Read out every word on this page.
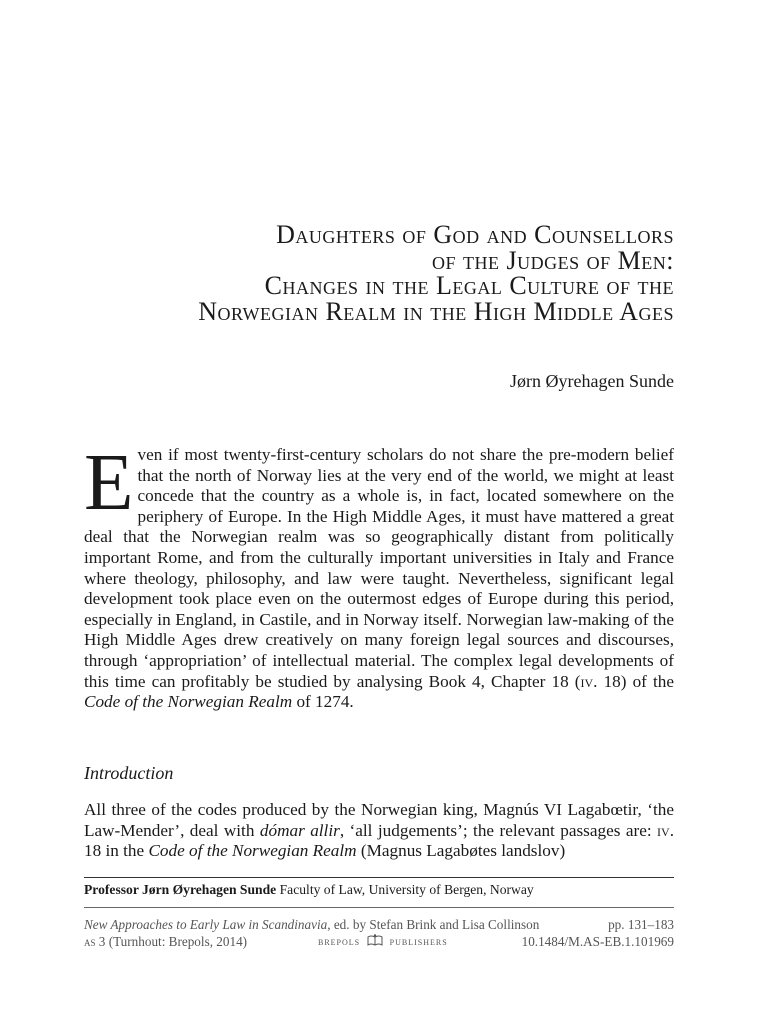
Daughters of God and Counsellors
of the Judges of Men:
Changes in the Legal Culture of the
Norwegian Realm in the High Middle Ages
Jørn Øyrehagen Sunde
Even if most twenty-first-century scholars do not share the pre-modern belief that the north of Norway lies at the very end of the world, we might at least concede that the country as a whole is, in fact, located somewhere on the periphery of Europe. In the High Middle Ages, it must have mattered a great deal that the Norwegian realm was so geographically distant from politically important Rome, and from the culturally important universities in Italy and France where theology, philosophy, and law were taught. Nevertheless, significant legal development took place even on the outermost edges of Europe during this period, especially in England, in Castile, and in Norway itself. Norwegian law-making of the High Middle Ages drew creatively on many foreign legal sources and discourses, through ‘appropriation’ of intellectual material. The complex legal developments of this time can profitably be studied by analysing Book 4, Chapter 18 (iv. 18) of the Code of the Norwegian Realm of 1274.
Introduction
All three of the codes produced by the Norwegian king, Magnús VI Lagabœtir, ‘the Law-Mender’, deal with dómar allir, ‘all judgements’; the relevant passages are: iv. 18 in the Code of the Norwegian Realm (Magnus Lagabøtes landslov)
Professor Jørn Øyrehagen Sunde Faculty of Law, University of Bergen, Norway
New Approaches to Early Law in Scandinavia, ed. by Stefan Brink and Lisa Collinson	pp. 131–183
as 3 (Turnhout: Brepols, 2014)	brepols	publishers	10.1484/M.AS-EB.1.101969
